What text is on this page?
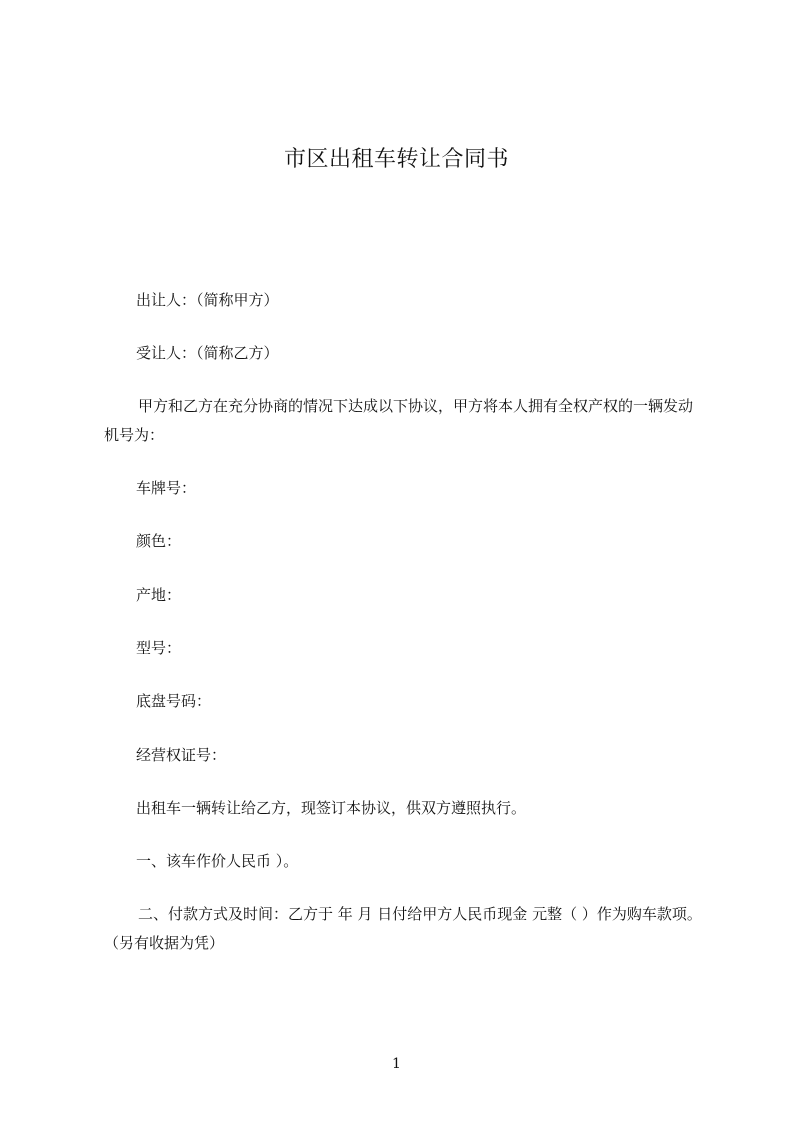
市区出租车转让合同书
出让人：（简称甲方）
受让人：（简称乙方）
甲方和乙方在充分协商的情况下达成以下协议，甲方将本人拥有全权产权的一辆发动机号为：
车牌号：
颜色：
产地：
型号：
底盘号码：
经营权证号：
出租车一辆转让给乙方，现签订本协议，供双方遵照执行。
一、该车作价人民币 ）。
二、付款方式及时间：乙方于 年 月 日付给甲方人民币现金 元整（ ）作为购车款项。（另有收据为凭）
1
